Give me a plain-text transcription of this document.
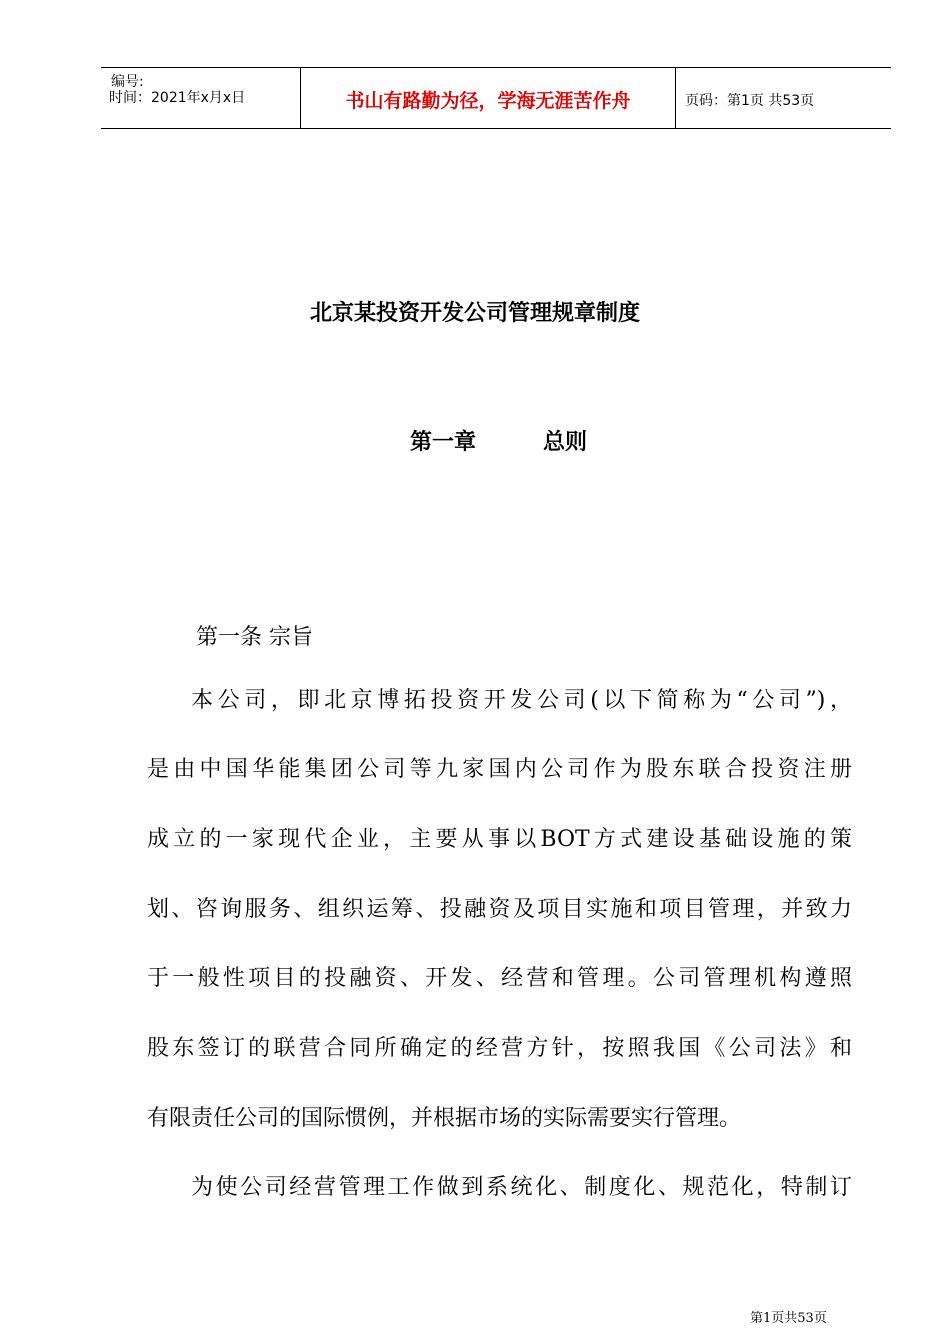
编号:
时间：2021年x月x日	书山有路勤为径，学海无涯苦作舟	页码：第1页 共53页
北京某投资开发公司管理规章制度
第一章	总则
第一条 宗旨
本公司，即北京博拓投资开发公司(以下简称为“公司”)，
是由中国华能集团公司等九家国内公司作为股东联合投资注册
成立的一家现代企业，主要从事以BOT方式建设基础设施的策
划、咨询服务、组织运筹、投融资及项目实施和项目管理，并致力
于一般性项目的投融资、开发、经营和管理。公司管理机构遵照
股东签订的联营合同所确定的经营方针，按照我国《公司法》和
有限责任公司的国际惯例，并根据市场的实际需要实行管理。
为使公司经营管理工作做到系统化、制度化、规范化，特制订
第1页共53页
